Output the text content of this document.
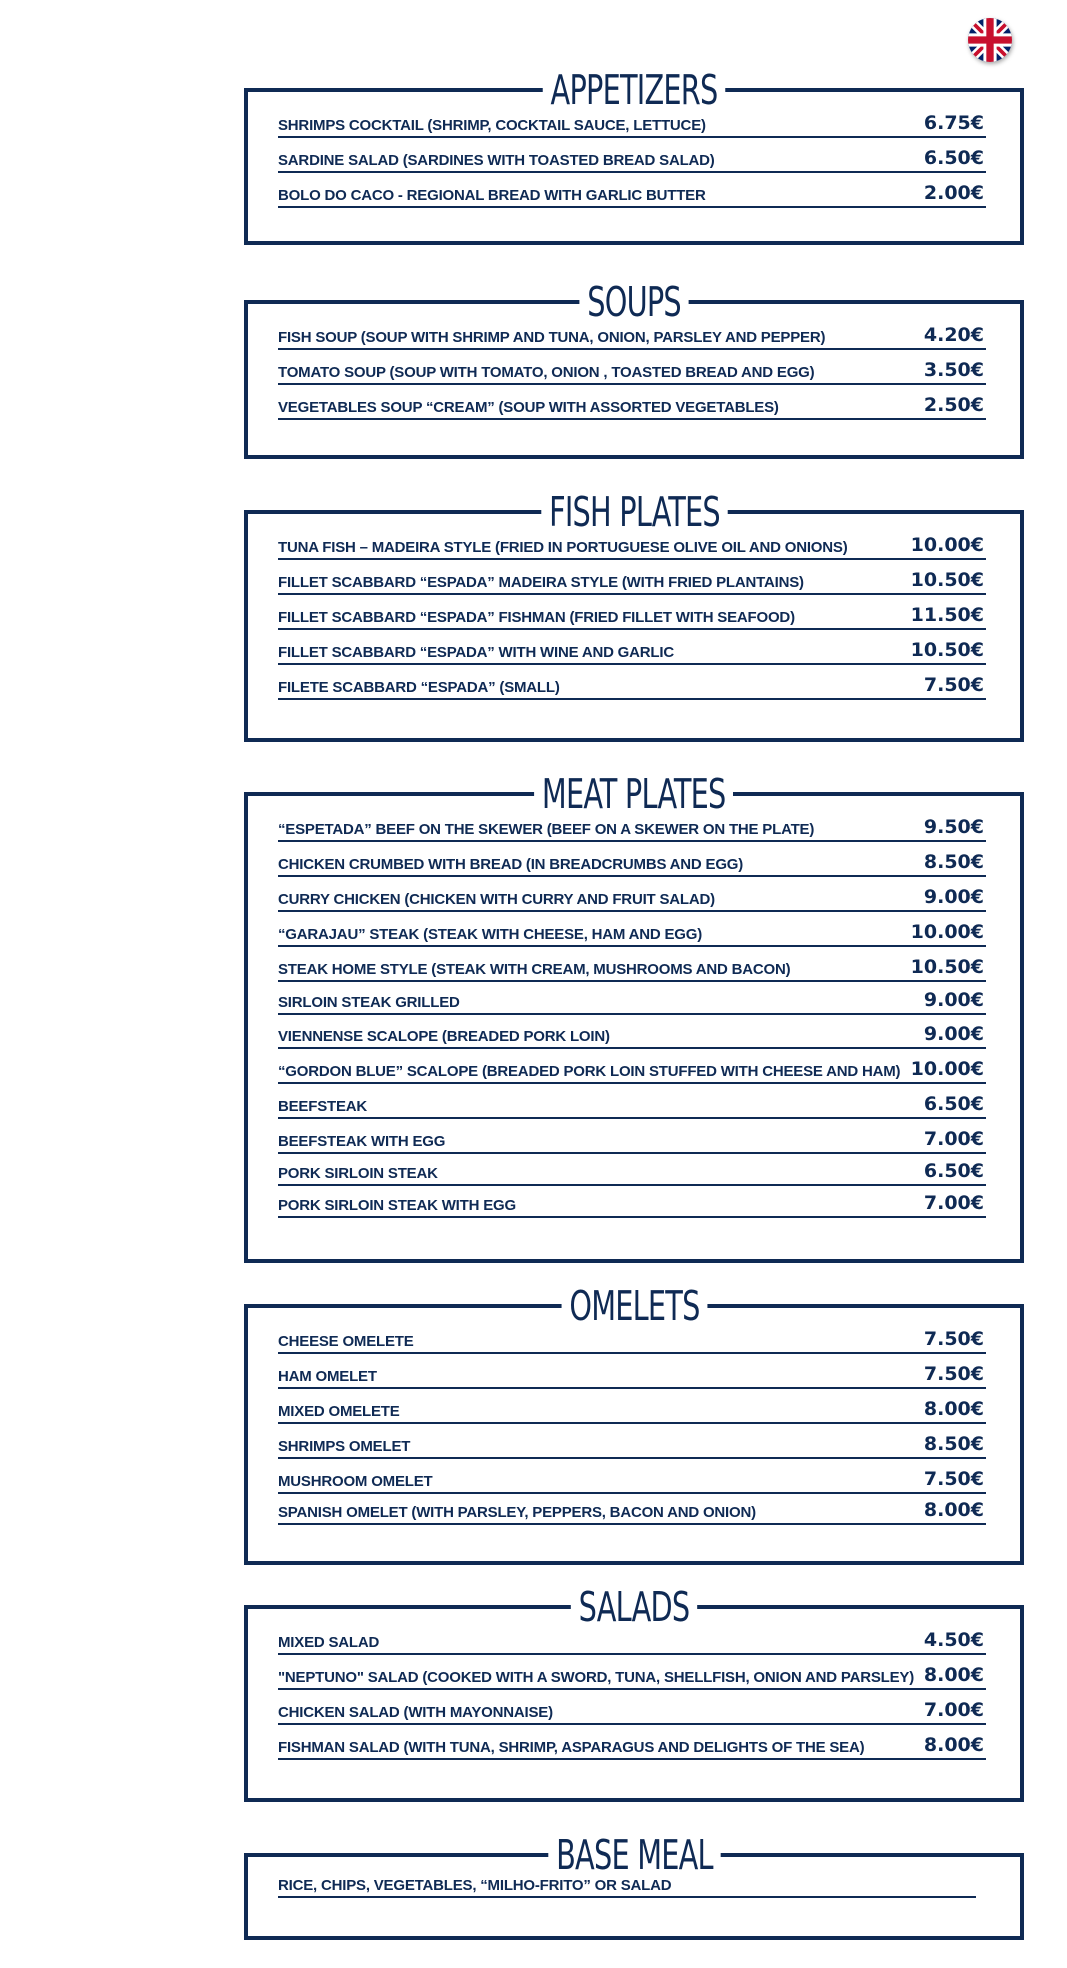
APPETIZERS
SHRIMPS COCKTAIL (SHRIMP, COCKTAIL SAUCE, LETTUCE)	6.75€
SARDINE SALAD (SARDINES WITH TOASTED BREAD SALAD)	6.50€
BOLO DO CACO - REGIONAL BREAD WITH GARLIC BUTTER	2.00€
SOUPS
FISH SOUP (SOUP WITH SHRIMP AND TUNA, ONION, PARSLEY AND PEPPER)	4.20€
TOMATO SOUP (SOUP WITH TOMATO, ONION , TOASTED BREAD AND EGG)	3.50€
VEGETABLES SOUP “CREAM” (SOUP WITH ASSORTED VEGETABLES)	2.50€
FISH PLATES
TUNA FISH – MADEIRA STYLE (FRIED IN PORTUGUESE OLIVE OIL AND ONIONS)	10.00€
FILLET SCABBARD “ESPADA” MADEIRA STYLE (WITH FRIED PLANTAINS)	10.50€
FILLET SCABBARD “ESPADA” FISHMAN (FRIED FILLET WITH SEAFOOD)	11.50€
FILLET SCABBARD “ESPADA” WITH WINE AND GARLIC	10.50€
FILETE SCABBARD “ESPADA” (SMALL)	7.50€
MEAT PLATES
“ESPETADA” BEEF ON THE SKEWER (BEEF ON A SKEWER ON THE PLATE)	9.50€
CHICKEN CRUMBED WITH BREAD (IN BREADCRUMBS AND EGG)	8.50€
CURRY CHICKEN (CHICKEN WITH CURRY AND FRUIT SALAD)	9.00€
“GARAJAU” STEAK (STEAK WITH CHEESE, HAM AND EGG)	10.00€
STEAK HOME STYLE (STEAK WITH CREAM, MUSHROOMS AND BACON)	10.50€
SIRLOIN STEAK GRILLED	9.00€
VIENNENSE SCALOPE (BREADED PORK LOIN)	9.00€
“GORDON BLUE” SCALOPE (BREADED PORK LOIN STUFFED WITH CHEESE AND HAM) 10.00€
BEEFSTEAK	6.50€
BEEFSTEAK WITH EGG	7.00€
PORK SIRLOIN STEAK	6.50€
PORK SIRLOIN STEAK WITH EGG	7.00€
OMELETS
CHEESE OMELETE	7.50€
HAM OMELET	7.50€
MIXED OMELETE	8.00€
SHRIMPS OMELET	8.50€
MUSHROOM OMELET	7.50€
SPANISH OMELET (WITH PARSLEY, PEPPERS, BACON AND ONION)	8.00€
SALADS
MIXED SALAD	4.50€
"NEPTUNO" SALAD (COOKED WITH A SWORD, TUNA, SHELLFISH, ONION AND PARSLEY) 8.00€
CHICKEN SALAD (WITH MAYONNAISE)	7.00€
FISHMAN SALAD (WITH TUNA, SHRIMP, ASPARAGUS AND DELIGHTS OF THE SEA)	8.00€
BASE MEAL
RICE, CHIPS, VEGETABLES, “MILHO-FRITO” OR SALAD
